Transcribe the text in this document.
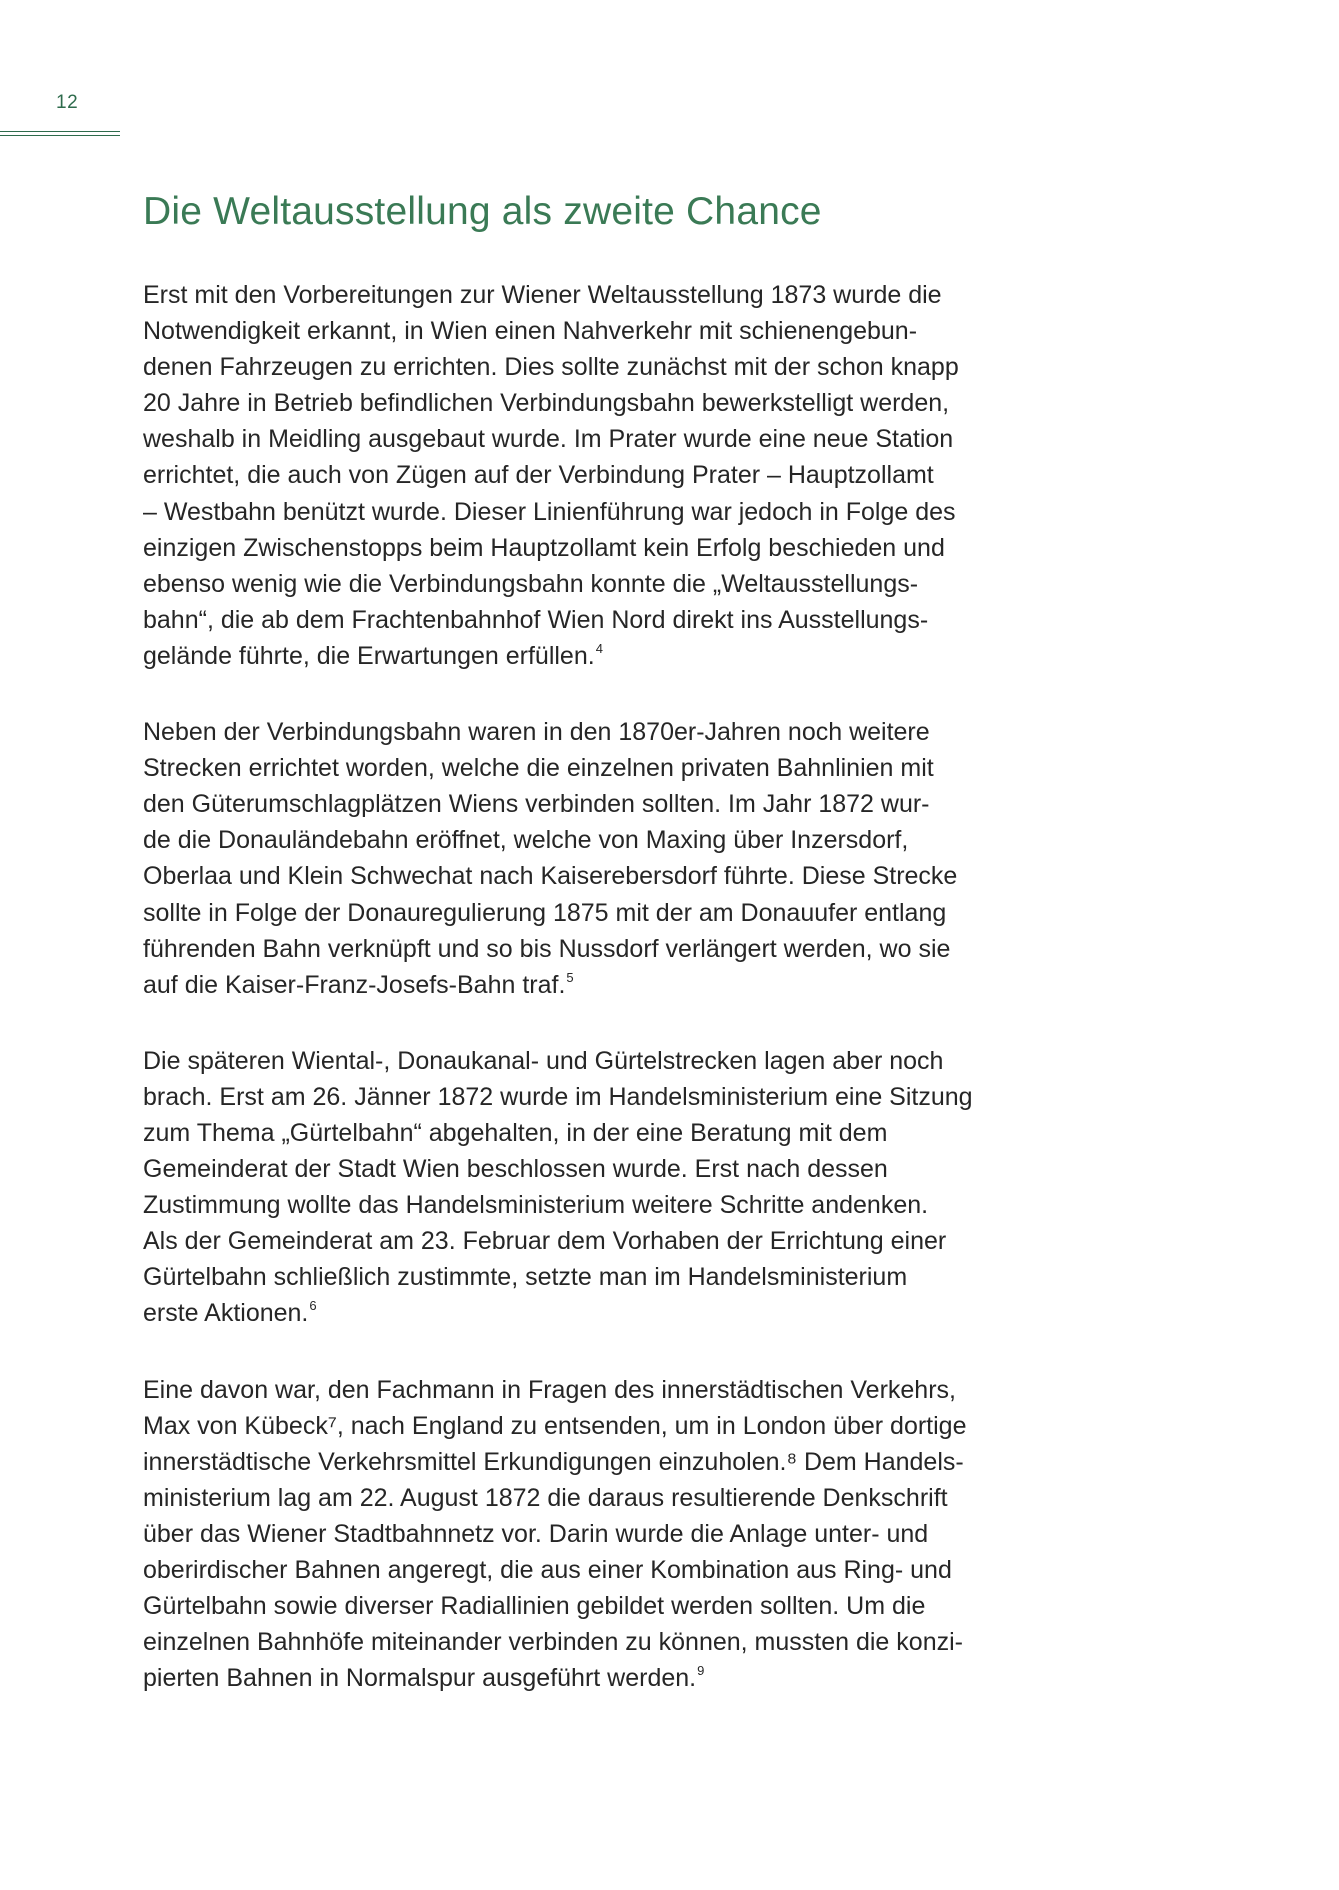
12
Die Weltausstellung als zweite Chance
Erst mit den Vorbereitungen zur Wiener Weltausstellung 1873 wurde die
Notwendigkeit erkannt, in Wien einen Nahverkehr mit schienengebun-
denen Fahrzeugen zu errichten. Dies sollte zunächst mit der schon knapp
20 Jahre in Betrieb befindlichen Verbindungsbahn bewerkstelligt werden,
weshalb in Meidling ausgebaut wurde. Im Prater wurde eine neue Station
errichtet, die auch von Zügen auf der Verbindung Prater – Hauptzollamt
– Westbahn benützt wurde. Dieser Linienführung war jedoch in Folge des
einzigen Zwischenstopps beim Hauptzollamt kein Erfolg beschieden und
ebenso wenig wie die Verbindungsbahn konnte die „Weltausstellungs-
bahn“, die ab dem Frachtenbahnhof Wien Nord direkt ins Ausstellungs-
gelände führte, die Erwartungen erfüllen.$^4$
Neben der Verbindungsbahn waren in den 1870er-Jahren noch weitere
Strecken errichtet worden, welche die einzelnen privaten Bahnlinien mit
den Güterumschlagplätzen Wiens verbinden sollten. Im Jahr 1872 wur-
de die Donauländebahn eröffnet, welche von Maxing über Inzersdorf,
Oberlaa und Klein Schwechat nach Kaiserebersdorf führte. Diese Strecke
sollte in Folge der Donauregulierung 1875 mit der am Donauufer entlang
führenden Bahn verknüpft und so bis Nussdorf verlängert werden, wo sie
auf die Kaiser-Franz-Josefs-Bahn traf.$^5$
Die späteren Wiental-, Donaukanal- und Gürtelstrecken lagen aber noch
brach. Erst am 26. Jänner 1872 wurde im Handelsministerium eine Sitzung
zum Thema „Gürtelbahn“ abgehalten, in der eine Beratung mit dem
Gemeinderat der Stadt Wien beschlossen wurde. Erst nach dessen
Zustimmung wollte das Handelsministerium weitere Schritte andenken.
Als der Gemeinderat am 23. Februar dem Vorhaben der Errichtung einer
Gürtelbahn schließlich zustimmte, setzte man im Handelsministerium
erste Aktionen.$^6$
Eine davon war, den Fachmann in Fragen des innerstädtischen Verkehrs,
Max von Kübeck⁷, nach England zu entsenden, um in London über dortige
innerstädtische Verkehrsmittel Erkundigungen einzuholen.⁸ Dem Handels-
ministerium lag am 22. August 1872 die daraus resultierende Denkschrift
über das Wiener Stadtbahnnetz vor. Darin wurde die Anlage unter- und
oberirdischer Bahnen angeregt, die aus einer Kombination aus Ring- und
Gürtelbahn sowie diverser Radiallinien gebildet werden sollten. Um die
einzelnen Bahnhöfe miteinander verbinden zu können, mussten die konzi-
pierten Bahnen in Normalspur ausgeführt werden.$^9$
